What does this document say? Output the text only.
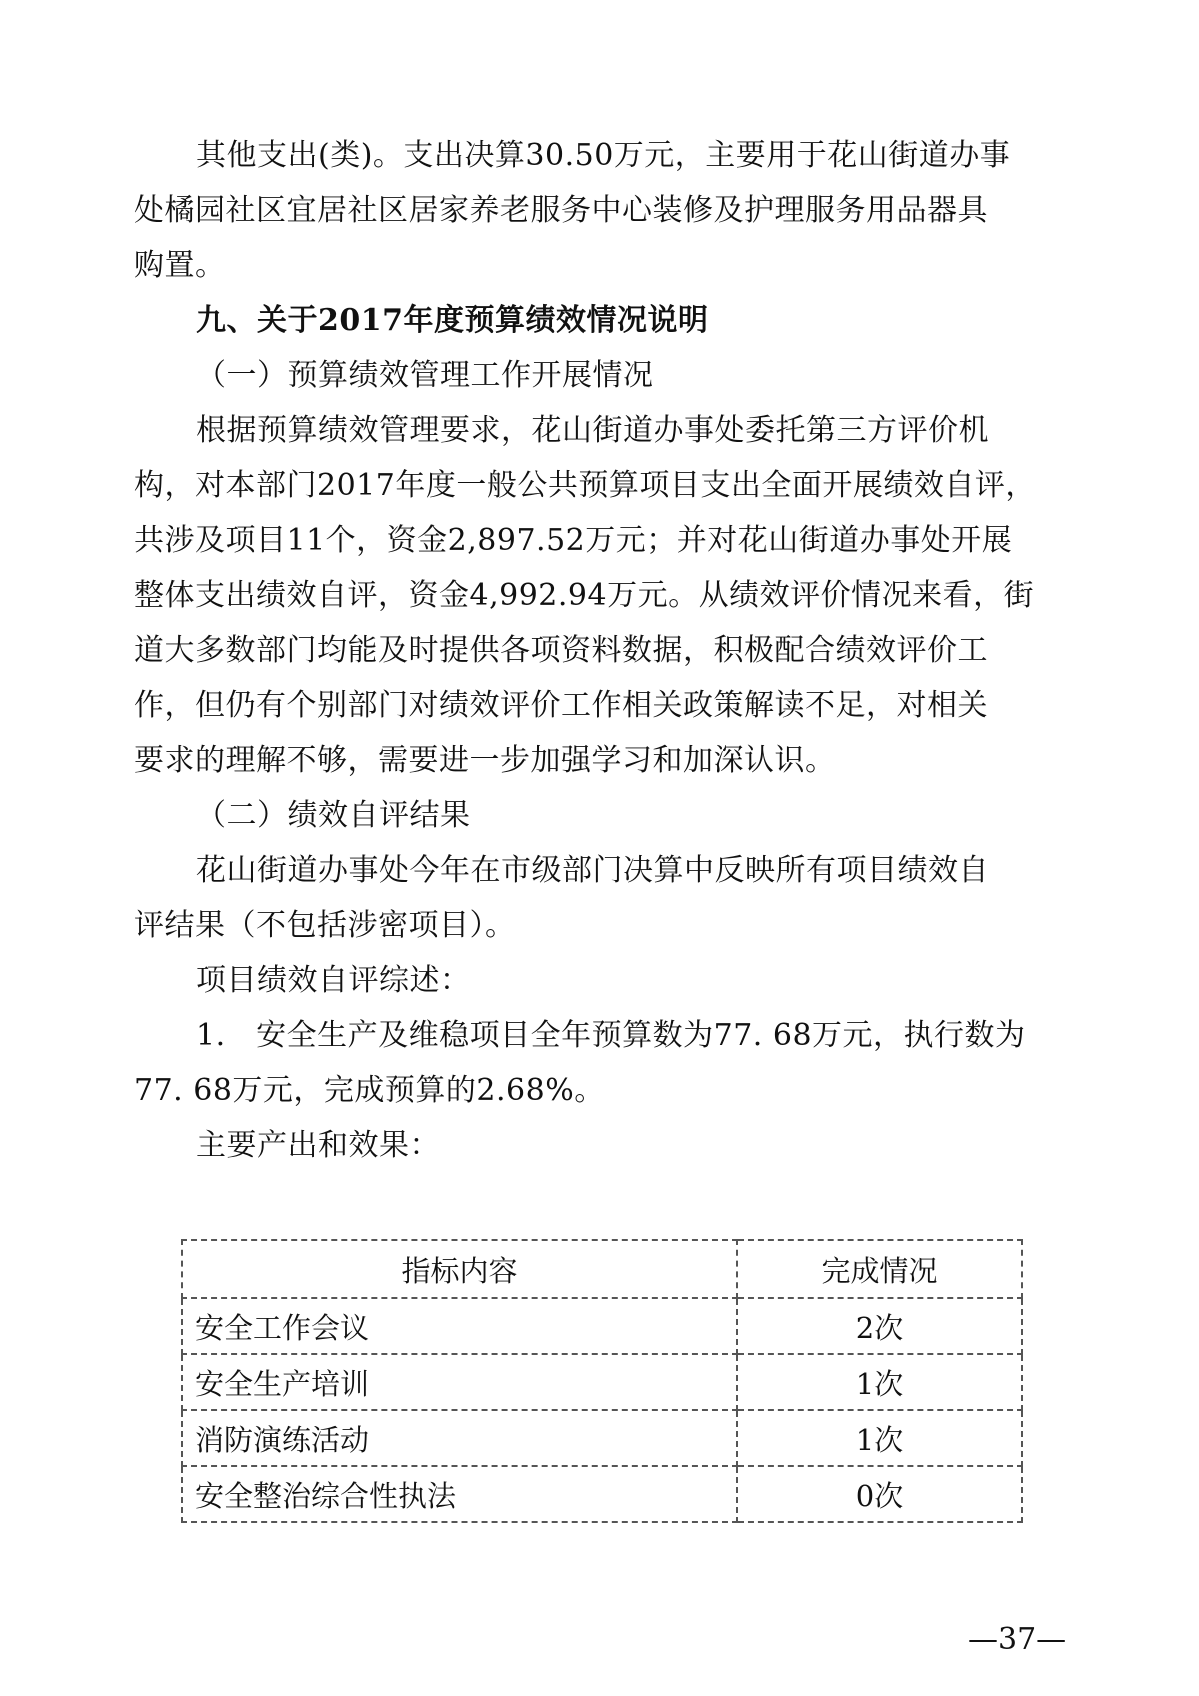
其他支出(类)。支出决算30.50万元，主要用于花山街道办事
处橘园社区宜居社区居家养老服务中心装修及护理服务用品器具
购置。
九、关于2017年度预算绩效情况说明
（一）预算绩效管理工作开展情况
根据预算绩效管理要求，花山街道办事处委托第三方评价机
构，对本部门2017年度一般公共预算项目支出全面开展绩效自评，
共涉及项目11个，资金2,897.52万元；并对花山街道办事处开展
整体支出绩效自评，资金4,992.94万元。从绩效评价情况来看，街
道大多数部门均能及时提供各项资料数据，积极配合绩效评价工
作，但仍有个别部门对绩效评价工作相关政策解读不足，对相关
要求的理解不够，需要进一步加强学习和加深认识。
（二）绩效自评结果
花山街道办事处今年在市级部门决算中反映所有项目绩效自
评结果（不包括涉密项目）。
项目绩效自评综述：
1.　安全生产及维稳项目全年预算数为77. 68万元，执行数为
77. 68万元，完成预算的2.68%。
主要产出和效果：
指标内容	完成情况
安全工作会议	2次
安全生产培训	1次
消防演练活动	1次
安全整治综合性执法	0次
—37—
